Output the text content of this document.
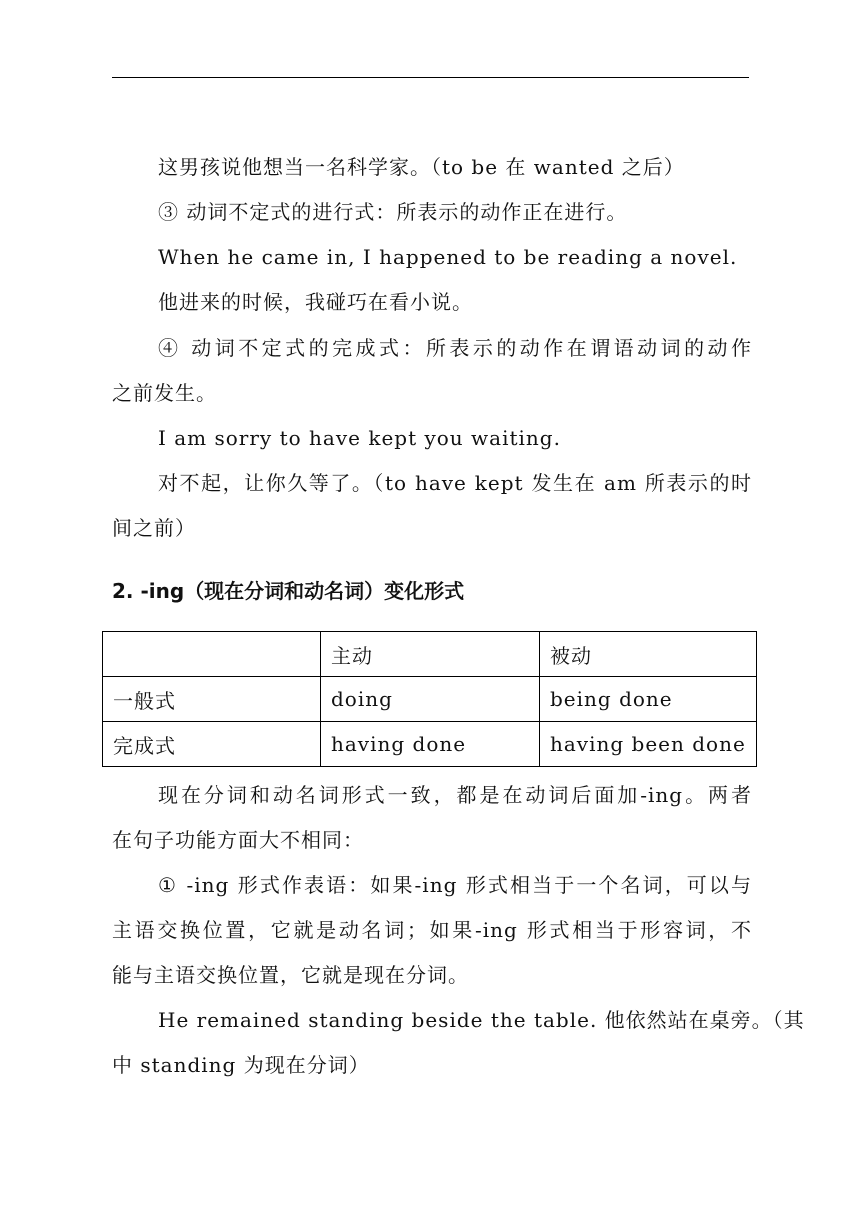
这男孩说他想当一名科学家。（to be 在 wanted 之后）
③ 动词不定式的进行式：所表示的动作正在进行。
When he came in, I happened to be reading a novel.
他进来的时候，我碰巧在看小说。
④ 动词不定式的完成式：所表示的动作在谓语动词的动作
之前发生。
I am sorry to have kept you waiting.
对不起，让你久等了。（to have kept 发生在 am 所表示的时
间之前）
2. -ing（现在分词和动名词）变化形式
	主动	被动
一般式	doing	being done
完成式	having done	having been done
现在分词和动名词形式一致，都是在动词后面加-ing。两者
在句子功能方面大不相同：
① -ing 形式作表语：如果-ing 形式相当于一个名词，可以与
主语交换位置，它就是动名词；如果-ing 形式相当于形容词，不
能与主语交换位置，它就是现在分词。
He remained standing beside the table. 他依然站在桌旁。（其
中 standing 为现在分词）
